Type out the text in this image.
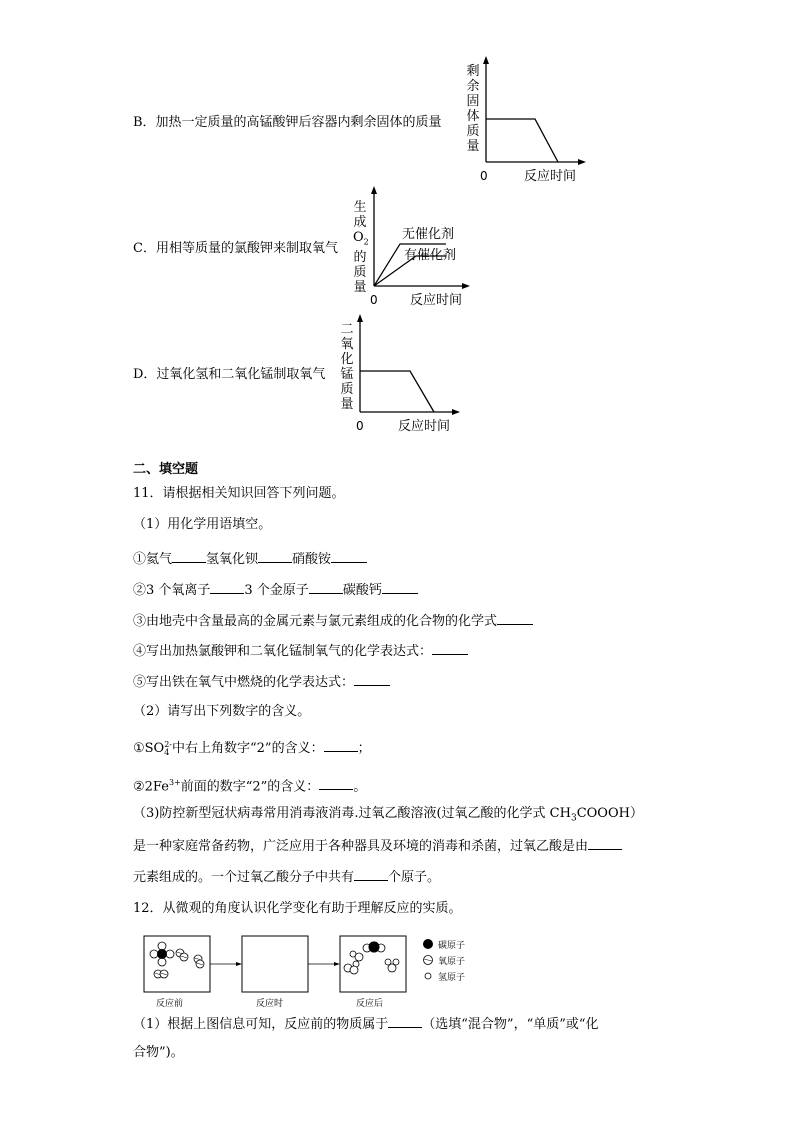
B．加热一定质量的高锰酸钾后容器内剩余固体的质量
剩余固体质量
0	反应时间
C．用相等质量的氯酸钾来制取氧气
生成$O_2$的质量
无催化剂
有催化剂
0 反应时间
D．过氧化氢和二氧化锰制取氧气
二氧化锰质量
0	反应时间
二、填空题
11．请根据相关知识回答下列问题。
（1）用化学用语填空。
①氦气	氢氧化钡	硝酸铵
②3 个氧离子	3 个金原子	碳酸钙
③由地壳中含量最高的金属元素与氯元素组成的化合物的化学式
④写出加热氯酸钾和二氧化锰制氧气的化学表达式：
⑤写出铁在氧气中燃烧的化学表达式：
（2）请写出下列数字的含义。
①SO2-
4 中右上角数字“2”的含义：	；
$②2Fe^{3+}$前面的数字“2”的含义：	。
（3)防控新型冠状病毒常用消毒液消毒.过氧乙酸溶液(过氧乙酸的化学式 $CH_3COOOH$）
是一种家庭常备药物，广泛应用于各种器具及环境的消毒和杀菌，过氧乙酸是由
元素组成的。一个过氧乙酸分子中共有	个原子。
12．从微观的角度认识化学变化有助于理解反应的实质。
碳原子
氧原子
氢原子
反应前	反应时	反应后
（1）根据上图信息可知，反应前的物质属于	（选填“混合物”，“单质”或“化
合物”)。
